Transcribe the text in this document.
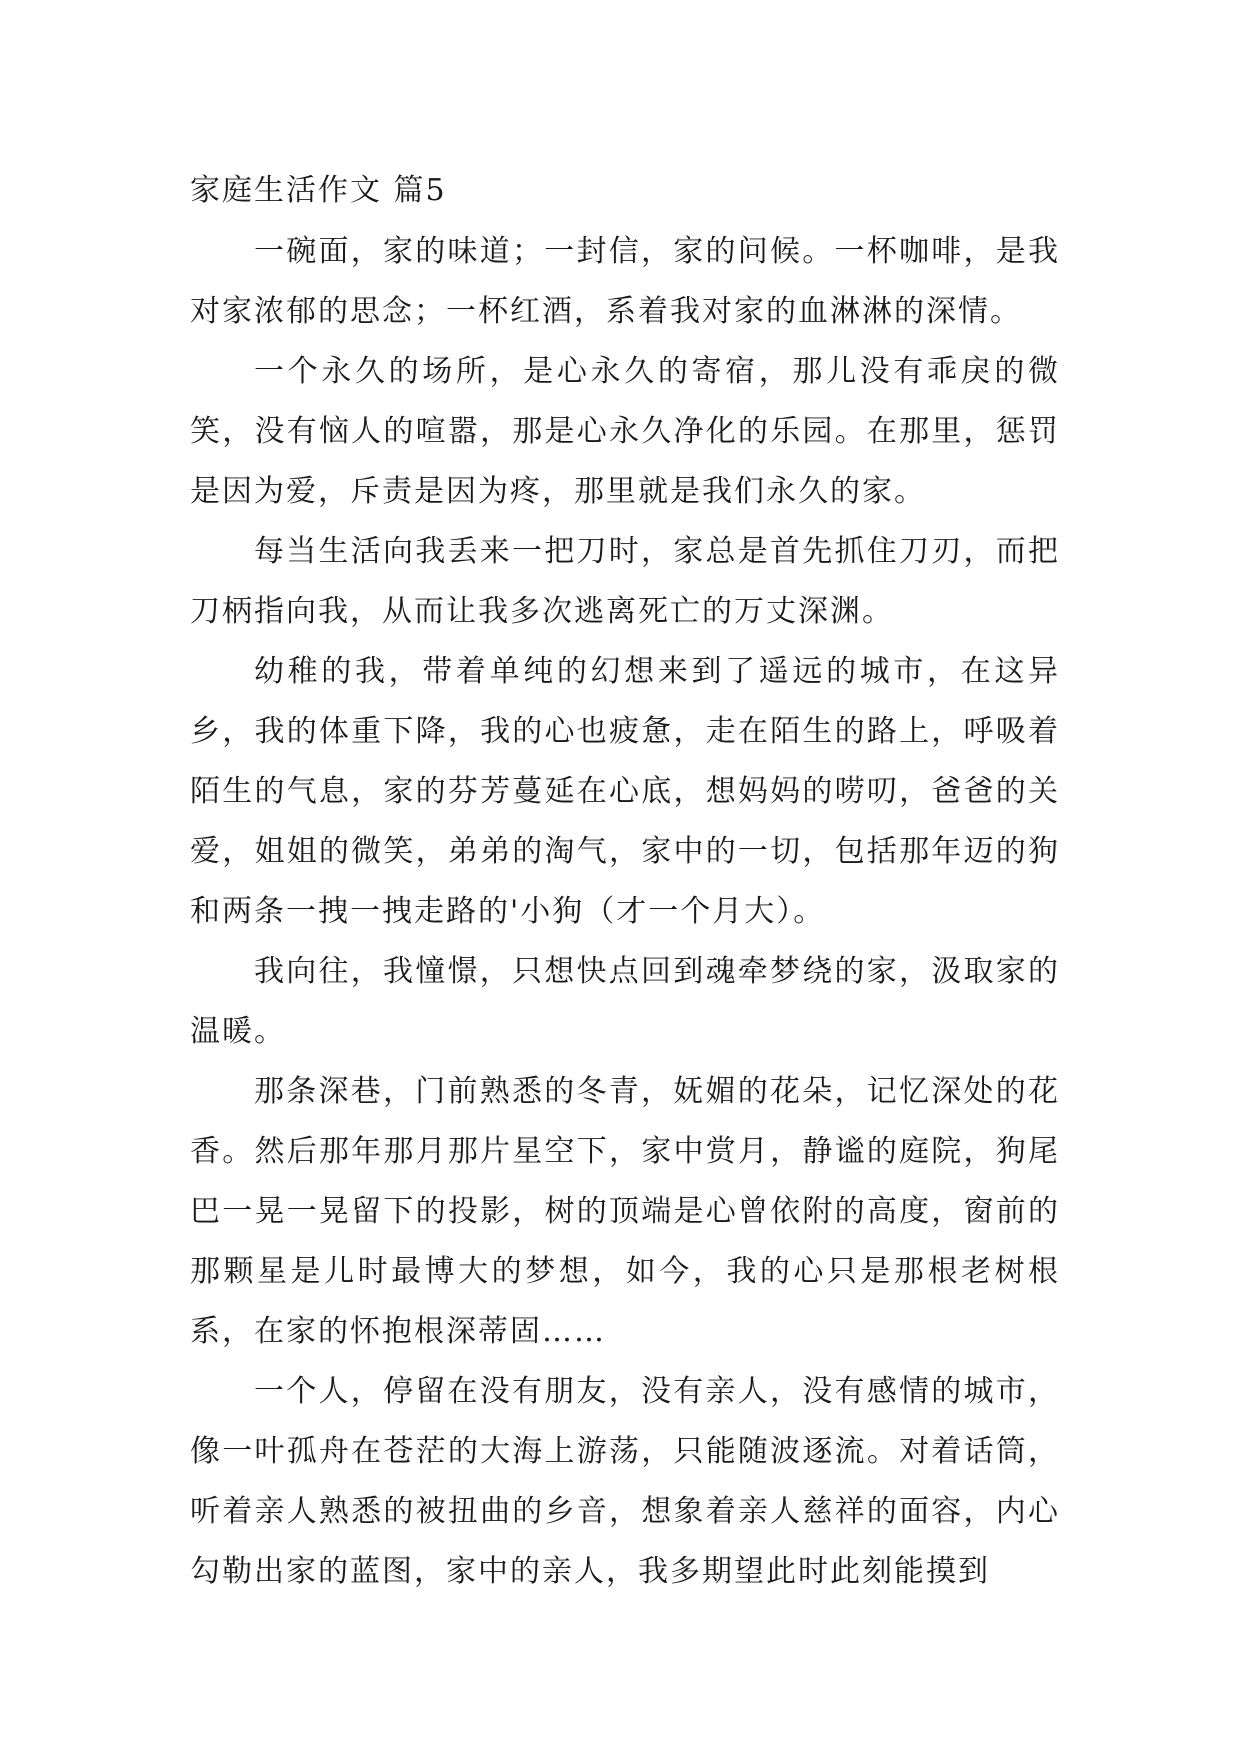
家庭生活作文 篇5

一碗面，家的味道；一封信，家的问候。一杯咖啡，是我对家浓郁的思念；一杯红酒，系着我对家的血淋淋的深情。

一个永久的场所，是心永久的寄宿，那儿没有乖戾的微笑，没有恼人的喧嚣，那是心永久净化的乐园。在那里，惩罚是因为爱，斥责是因为疼，那里就是我们永久的家。

每当生活向我丢来一把刀时，家总是首先抓住刀刃，而把刀柄指向我，从而让我多次逃离死亡的万丈深渊。

幼稚的我，带着单纯的幻想来到了遥远的城市，在这异乡，我的体重下降，我的心也疲惫，走在陌生的路上，呼吸着陌生的气息，家的芬芳蔓延在心底，想妈妈的唠叨，爸爸的关爱，姐姐的微笑，弟弟的淘气，家中的一切，包括那年迈的狗和两条一拽一拽走路的'小狗（才一个月大）。

我向往，我憧憬，只想快点回到魂牵梦绕的家，汲取家的温暖。

那条深巷，门前熟悉的冬青，妩媚的花朵，记忆深处的花香。然后那年那月那片星空下，家中赏月，静谧的庭院，狗尾巴一晃一晃留下的投影，树的顶端是心曾依附的高度，窗前的那颗星是儿时最博大的梦想，如今，我的心只是那根老树根系，在家的怀抱根深蒂固……

一个人，停留在没有朋友，没有亲人，没有感情的城市，像一叶孤舟在苍茫的大海上游荡，只能随波逐流。对着话筒，听着亲人熟悉的被扭曲的乡音，想象着亲人慈祥的面容，内心勾勒出家的蓝图，家中的亲人，我多期望此时此刻能摸到
